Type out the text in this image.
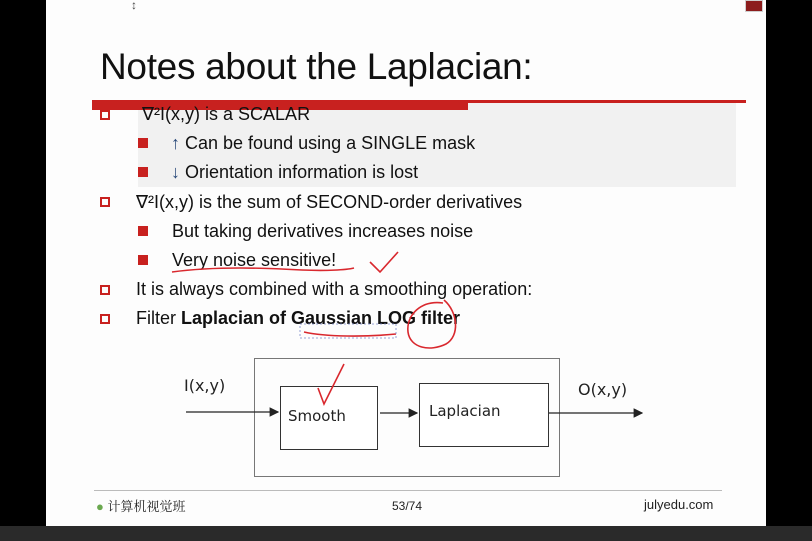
Notes about the Laplacian:
∇²I(x,y) is a SCALAR
↑ Can be found using a SINGLE mask
↓ Orientation information is lost
∇²I(x,y) is the sum of SECOND-order derivatives
But taking derivatives increases noise
Very noise sensitive!
It is always combined with a smoothing operation:
Filter Laplacian of Gaussian LOG filter
I(x,y)
Smooth	Laplacian
O(x,y)
● 计算机视觉班	53/74	julyedu.com
↕
